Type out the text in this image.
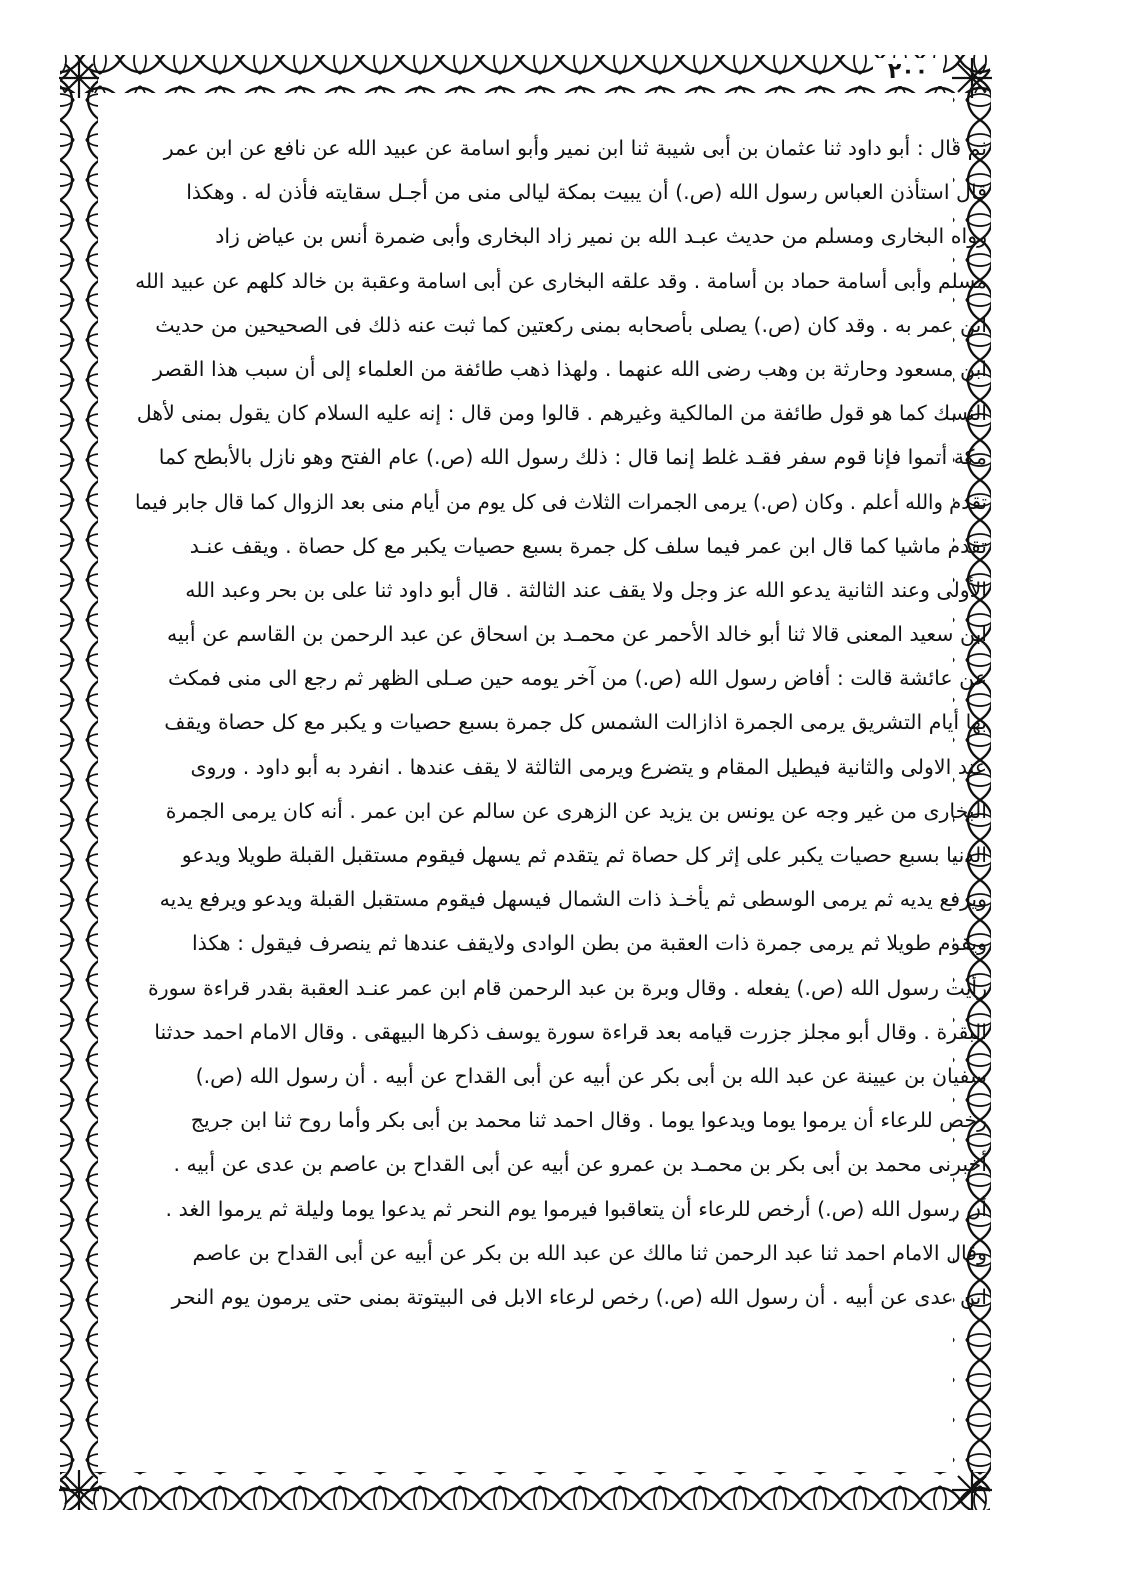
٢٠٠
ثم قال : أبو داود ثنا عثمان بن أبى شيبة ثنا ابن نمير وأبو اسامة عن عبيد الله عن نافع عن ابن عمر
قال استأذن العباس رسول الله (ص.) أن يبيت بمكة ليالى منى من أجـل سقايته فأذن له . وهكذا
رواه البخارى ومسلم من حديث عبـد الله بن نمير زاد البخارى وأبى ضمرة أنس بن عياض زاد
مسلم وأبى أسامة حماد بن أسامة . وقد علقه البخارى عن أبى اسامة وعقبة بن خالد كلهم عن عبيد الله
ابن عمر به . وقد كان (ص.) يصلى بأصحابه بمنى ركعتين كما ثبت عنه ذلك فى الصحيحين من حديث
ابن مسعود وحارثة بن وهب رضى الله عنهما . ولهذا ذهب طائفة من العلماء إلى أن سبب هذا القصر
النسك كما هو قول طائفة من المالكية وغيرهم . قالوا ومن قال : إنه عليه السلام كان يقول بمنى لأهل
مكة أتموا فإنا قوم سفر فقـد غلط إنما قال : ذلك رسول الله (ص.) عام الفتح وهو نازل بالأبطح كما
تقدم والله أعلم . وكان (ص.) يرمى الجمرات الثلاث فى كل يوم من أيام منى بعد الزوال كما قال جابر فيما
تقدم ماشيا كما قال ابن عمر فيما سلف كل جمرة بسبع حصيات يكبر مع كل حصاة . ويقف عنـد
الأولى وعند الثانية يدعو الله عز وجل ولا يقف عند الثالثة . قال أبو داود ثنا على بن بحر وعبد الله
ابن سعيد المعنى قالا ثنا أبو خالد الأحمر عن محمـد بن اسحاق عن عبد الرحمن بن القاسم عن أبيه
عن عائشة قالت : أفاض رسول الله (ص.) من آخر يومه حين صـلى الظهر ثم رجع الى منى فمكث
بها أيام التشريق يرمى الجمرة اذازالت الشمس كل جمرة بسبع حصيات و يكبر مع كل حصاة ويقف
عند الاولى والثانية فيطيل المقام و يتضرع ويرمى الثالثة لا يقف عندها . انفرد به أبو داود . وروى
البخارى من غير وجه عن يونس بن يزيد عن الزهرى عن سالم عن ابن عمر . أنه كان يرمى الجمرة
الدنيا بسبع حصيات يكبر على إثر كل حصاة ثم يتقدم ثم يسهل فيقوم مستقبل القبلة طويلا ويدعو
ويرفع يديه ثم يرمى الوسطى ثم يأخـذ ذات الشمال فيسهل فيقوم مستقبل القبلة ويدعو ويرفع يديه
ويقوم طويلا ثم يرمى جمرة ذات العقبة من بطن الوادى ولايقف عندها ثم ينصرف فيقول : هكذا
رأيت رسول الله (ص.) يفعله . وقال وبرة بن عبد الرحمن قام ابن عمر عنـد العقبة بقدر قراءة سورة
البقرة . وقال أبو مجلز جزرت قيامه بعد قراءة سورة يوسف ذكرها البيهقى . وقال الامام احمد حدثنا
سفيان بن عيينة عن عبد الله بن أبى بكر عن أبيه عن أبى القداح عن أبيه . أن رسول الله (ص.)
رخص للرعاء أن يرموا يوما ويدعوا يوما . وقال احمد ثنا محمد بن أبى بكر وأما روح ثنا ابن جريج
أخبرنى محمد بن أبى بكر بن محمـد بن عمرو عن أبيه عن أبى القداح بن عاصم بن عدى عن أبيه .
أن رسول الله (ص.) أرخص للرعاء أن يتعاقبوا فيرموا يوم النحر ثم يدعوا يوما وليلة ثم يرموا الغد .
وقال الامام احمد ثنا عبد الرحمن ثنا مالك عن عبد الله بن بكر عن أبيه عن أبى القداح بن عاصم
ابن عدى عن أبيه . أن رسول الله (ص.) رخص لرعاء الابل فى البيتوتة بمنى حتى يرمون يوم النحر
